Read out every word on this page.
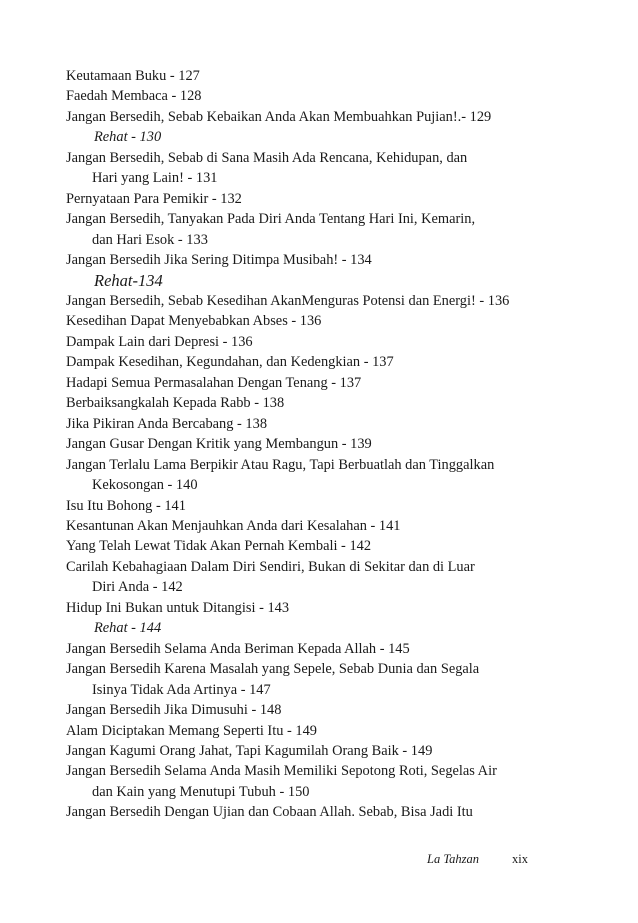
Keutamaan Buku - 127
Faedah Membaca - 128
Jangan Bersedih, Sebab Kebaikan Anda Akan Membuahkan Pujian!.- 129
Rehat - 130
Jangan Bersedih, Sebab di Sana Masih Ada Rencana, Kehidupan, dan
Hari yang Lain! - 131
Pernyataan Para Pemikir - 132
Jangan Bersedih, Tanyakan Pada Diri Anda Tentang Hari Ini, Kemarin,
dan Hari Esok - 133
Jangan Bersedih Jika Sering Ditimpa Musibah! - 134
Rehat-134
Jangan Bersedih, Sebab Kesedihan AkanMenguras Potensi dan Energi! - 136
Kesedihan Dapat Menyebabkan Abses - 136
Dampak Lain dari Depresi - 136
Dampak Kesedihan, Kegundahan, dan Kedengkian - 137
Hadapi Semua Permasalahan Dengan Tenang - 137
Berbaiksangkalah Kepada Rabb - 138
Jika Pikiran Anda Bercabang - 138
Jangan Gusar Dengan Kritik yang Membangun - 139
Jangan Terlalu Lama Berpikir Atau Ragu, Tapi Berbuatlah dan Tinggalkan
Kekosongan - 140
Isu Itu Bohong - 141
Kesantunan Akan Menjauhkan Anda dari Kesalahan - 141
Yang Telah Lewat Tidak Akan Pernah Kembali - 142
Carilah Kebahagiaan Dalam Diri Sendiri, Bukan di Sekitar dan di Luar
Diri Anda - 142
Hidup Ini Bukan untuk Ditangisi - 143
Rehat - 144
Jangan Bersedih Selama Anda Beriman Kepada Allah - 145
Jangan Bersedih Karena Masalah yang Sepele, Sebab Dunia dan Segala
Isinya Tidak Ada Artinya - 147
Jangan Bersedih Jika Dimusuhi - 148
Alam Diciptakan Memang Seperti Itu - 149
Jangan Kagumi Orang Jahat, Tapi Kagumilah Orang Baik - 149
Jangan Bersedih Selama Anda Masih Memiliki Sepotong Roti, Segelas Air
dan Kain yang Menutupi Tubuh - 150
Jangan Bersedih Dengan Ujian dan Cobaan Allah. Sebab, Bisa Jadi Itu
La Tahzan	xix
